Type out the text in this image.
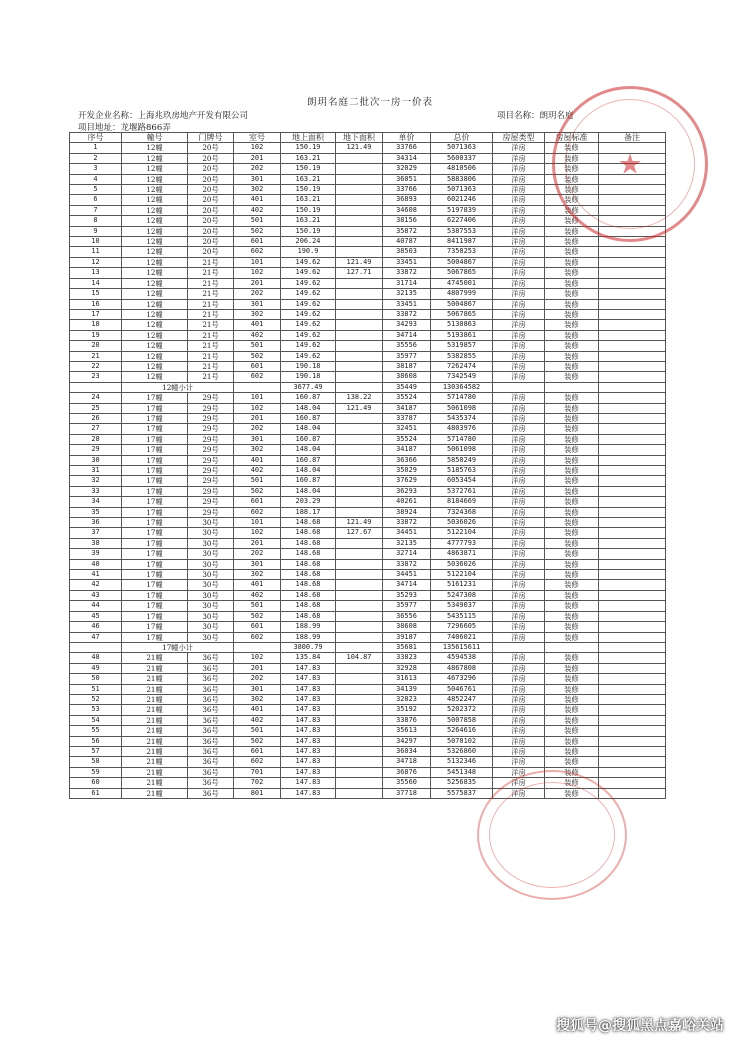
朗玥名庭二批次一房一价表
开发企业名称：上海兆玖房地产开发有限公司	项目名称：朗玥名庭
项目地址：龙堰路866弄
序号	幢号	门牌号	室号	地上面积	地下面积	单价	总价	房屋类型	房屋标准	备注
1	12幢	20号	102	150.19	121.49	33766	5071363	洋房	装修	
2	12幢	20号	201	163.21		34314	5600337	洋房	装修	
3	12幢	20号	202	150.19		32029	4810506	洋房	装修	
4	12幢	20号	301	163.21		36051	5883806	洋房	装修	
5	12幢	20号	302	150.19		33766	5071363	洋房	装修	
6	12幢	20号	401	163.21		36893	6021246	洋房	装修	
7	12幢	20号	402	150.19		34608	5197839	洋房	装修	
8	12幢	20号	501	163.21		38156	6227406	洋房	装修	
9	12幢	20号	502	150.19		35872	5387553	洋房	装修	
10	12幢	20号	601	206.24		40787	8411987	洋房	装修	
11	12幢	20号	602	190.9		38503	7350253	洋房	装修	
12	12幢	21号	101	149.62	121.49	33451	5004867	洋房	装修	
13	12幢	21号	102	149.62	127.71	33872	5067865	洋房	装修	
14	12幢	21号	201	149.62		31714	4745001	洋房	装修	
15	12幢	21号	202	149.62		32135	4807999	洋房	装修	
16	12幢	21号	301	149.62		33451	5004867	洋房	装修	
17	12幢	21号	302	149.62		33872	5067865	洋房	装修	
18	12幢	21号	401	149.62		34293	5130863	洋房	装修	
19	12幢	21号	402	149.62		34714	5193861	洋房	装修	
20	12幢	21号	501	149.62		35556	5319857	洋房	装修	
21	12幢	21号	502	149.62		35977	5382855	洋房	装修	
22	12幢	21号	601	190.18		38187	7262474	洋房	装修	
23	12幢	21号	602	190.18		38608	7342549	洋房	装修	
	12幢小计			3677.49		35449	130364582			
24	17幢	29号	101	160.87	138.22	35524	5714780	洋房	装修	
25	17幢	29号	102	148.04	121.49	34187	5061098	洋房	装修	
26	17幢	29号	201	160.87		33787	5435374	洋房	装修	
27	17幢	29号	202	148.04		32451	4803976	洋房	装修	
28	17幢	29号	301	160.87		35524	5714780	洋房	装修	
29	17幢	29号	302	148.04		34187	5061098	洋房	装修	
30	17幢	29号	401	160.87		36366	5850249	洋房	装修	
31	17幢	29号	402	148.04		35029	5185763	洋房	装修	
32	17幢	29号	501	160.87		37629	6053454	洋房	装修	
33	17幢	29号	502	148.04		36293	5372761	洋房	装修	
34	17幢	29号	601	203.29		40261	8184669	洋房	装修	
35	17幢	29号	602	188.17		38924	7324368	洋房	装修	
36	17幢	30号	101	148.68	121.49	33872	5036026	洋房	装修	
37	17幢	30号	102	148.68	127.67	34451	5122104	洋房	装修	
38	17幢	30号	201	148.68		32135	4777793	洋房	装修	
39	17幢	30号	202	148.68		32714	4863871	洋房	装修	
40	17幢	30号	301	148.68		33872	5036026	洋房	装修	
41	17幢	30号	302	148.68		34451	5122104	洋房	装修	
42	17幢	30号	401	148.68		34714	5161231	洋房	装修	
43	17幢	30号	402	148.68		35293	5247308	洋房	装修	
44	17幢	30号	501	148.68		35977	5349037	洋房	装修	
45	17幢	30号	502	148.68		36556	5435115	洋房	装修	
46	17幢	30号	601	188.99		38608	7296605	洋房	装修	
47	17幢	30号	602	188.99		39187	7406021	洋房	装修	
	17幢小计			3800.79		35681	135615611			
48	21幢	36号	102	135.84	104.87	33823	4594538	洋房	装修	
49	21幢	36号	201	147.83		32928	4867808	洋房	装修	
50	21幢	36号	202	147.83		31613	4673296	洋房	装修	
51	21幢	36号	301	147.83		34139	5046761	洋房	装修	
52	21幢	36号	302	147.83		32823	4852247	洋房	装修	
53	21幢	36号	401	147.83		35192	5202372	洋房	装修	
54	21幢	36号	402	147.83		33876	5007858	洋房	装修	
55	21幢	36号	501	147.83		35613	5264616	洋房	装修	
56	21幢	36号	502	147.83		34297	5070102	洋房	装修	
57	21幢	36号	601	147.83		36034	5326860	洋房	装修	
58	21幢	36号	602	147.83		34718	5132346	洋房	装修	
59	21幢	36号	701	147.83		36876	5451348	洋房	装修	
60	21幢	36号	702	147.83		35560	5256835	洋房	装修	
61	21幢	36号	801	147.83		37718	5575837	洋房	装修	
★
搜狐号@搜狐黑点嘉峪关站
